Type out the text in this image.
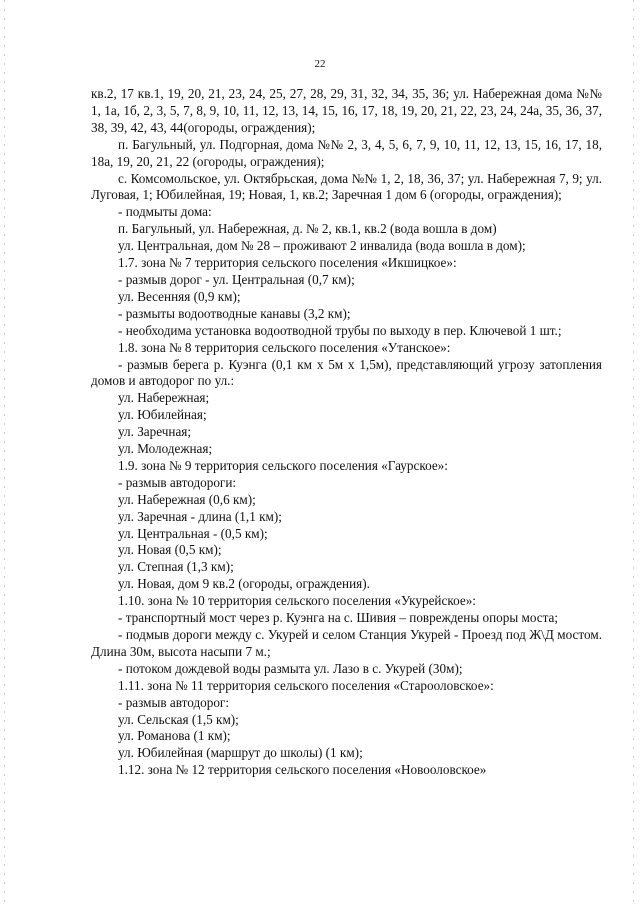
22

кв.2, 17 кв.1, 19, 20, 21, 23, 24, 25, 27, 28, 29, 31, 32, 34, 35, 36; ул. Набережная дома №№ 1, 1а, 1б, 2, 3, 5, 7, 8, 9, 10, 11, 12, 13, 14, 15, 16, 17, 18, 19, 20, 21, 22, 23, 24, 24а, 35, 36, 37, 38, 39, 42, 43, 44(огороды, ограждения);

п. Багульный, ул. Подгорная, дома №№ 2, 3, 4, 5, 6, 7, 9, 10, 11, 12, 13, 15, 16, 17, 18, 18а, 19, 20, 21, 22 (огороды, ограждения);

с. Комсомольское, ул. Октябрьская, дома №№ 1, 2, 18, 36, 37; ул. Набережная 7, 9; ул. Луговая, 1; Юбилейная, 19; Новая, 1, кв.2; Заречная 1 дом 6 (огороды, ограждения);

- подмыты дома:

п. Багульный, ул. Набережная, д. № 2, кв.1, кв.2 (вода вошла в дом)

ул. Центральная, дом № 28 – проживают 2 инвалида (вода вошла в дом);

1.7. зона № 7 территория сельского поселения «Икшицкое»:

- размыв дорог - ул. Центральная (0,7 км);

ул. Весенняя (0,9 км);

- размыты водоотводные канавы (3,2 км);

- необходима установка водоотводной трубы по выходу в пер. Ключевой 1 шт.;

1.8. зона № 8 территория сельского поселения «Утанское»:

- размыв берега р. Куэнга (0,1 км х 5м х 1,5м), представляющий угрозу затопления домов и автодорог по ул.:

ул. Набережная;

ул. Юбилейная;

ул. Заречная;

ул. Молодежная;

1.9. зона № 9 территория сельского поселения «Гаурское»:

- размыв автодороги:

ул. Набережная (0,6 км);

ул. Заречная - длина (1,1 км);

ул. Центральная - (0,5 км);

ул. Новая (0,5 км);

ул. Степная (1,3 км);

ул. Новая, дом 9 кв.2 (огороды, ограждения).

1.10. зона № 10 территория сельского поселения «Укурейское»:

- транспортный мост через р. Куэнга на с. Шивия – повреждены опоры моста;

- подмыв дороги между с. Укурей и селом Станция Укурей - Проезд под Ж\Д мостом. Длина 30м, высота насыпи 7 м.;

- потоком дождевой воды размыта ул. Лазо в с. Укурей (30м);

1.11. зона № 11 территория сельского поселения «Старооловское»:

- размыв автодорог:

ул. Сельская (1,5 км);

ул. Романова (1 км);

ул. Юбилейная (маршрут до школы) (1 км);

1.12. зона № 12 территория сельского поселения «Новооловское»
